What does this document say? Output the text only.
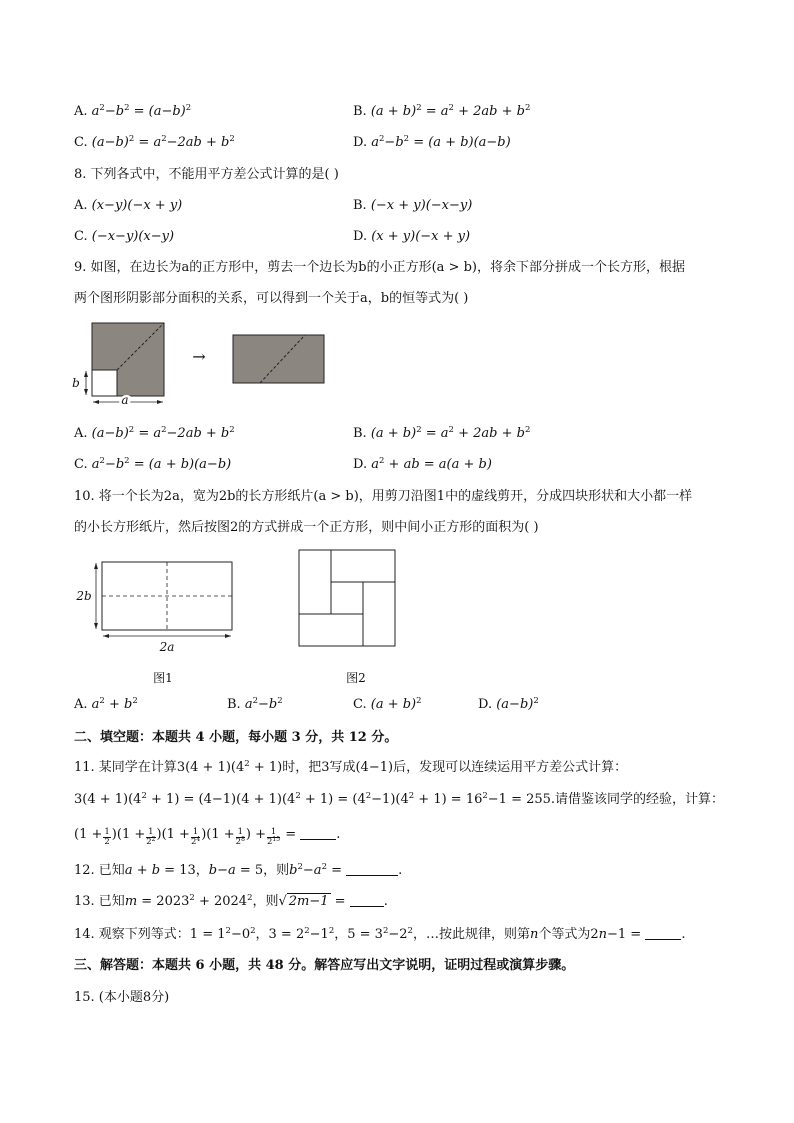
A. $a^2-b^2 = (a-b)^2$	B. $(a + b)^2 = a^2 + 2ab + b^2$
C. $(a-b)^2 = a^2-2ab + b^2$	D. $a^2-b^2 = (a + b)(a-b)$
8. 下列各式中，不能用平方差公式计算的是( )
A. (x−y)(−x + y)	B. (−x + y)(−x−y)
C. (−x−y)(x−y)	D. (x + y)(−x + y)
9. 如图，在边长为a的正方形中，剪去一个边长为b的小正方形(a > b)，将余下部分拼成一个长方形，根据
两个图形阴影部分面积的关系，可以得到一个关于a，b的恒等式为( )
a
b
→
A. $(a-b)^2 = a^2-2ab + b^2$	B. $(a + b)^2 = a^2 + 2ab + b^2$
C. $a^2-b^2 = (a + b)(a-b)$	D. $a^2$ + ab = a(a + b)
10. 将一个长为2a，宽为2b的长方形纸片(a > b)，用剪刀沿图1中的虚线剪开，分成四块形状和大小都一样
的小长方形纸片，然后按图2的方式拼成一个正方形，则中间小正方形的面积为( )
2b
2a
图1	图2
A. $a^2 + b^2$	B. $a^2-b^2$	C. $(a + b)^2$	D. $(a-b)^2$
二、填空题：本题共 4 小题，每小题 3 分，共 12 分。
11. 某同学在计算$3(4 + 1)(4^2 + 1)$时，把3写成(4−1)后，发现可以连续运用平方差公式计算：
$3(4 + 1)(4^2 + 1) = (4-1)(4 + 1)(4^2 + 1) = (4^2-1)(4^2 + 1) = 16^2-1 = 255$.请借鉴该同学的经验，计算：
$(1 + \frac{1}{2} )(1 + \frac{1}{2^2} )(1 + \frac{1}{2^4} )(1 + \frac{1}{2^8}$ ) + $\frac{1}{2^{15}}$ =	.
12. 已知a + b = 13，b−a = 5，则$b^2-a^2$ =	.
13. 已知$m = 2023^2 + 2024^2$，则√ 2m−1 =	.
14. 观察下列等式：$1 = 1^2-0^2$，$3 = 2^2-1^2$，$5 = 3^2-2^2$，…按此规律，则第n个等式为2n−1 =	.
三、解答题：本题共 6 小题，共 48 分。解答应写出文字说明，证明过程或演算步骤。
15. (本小题8分)
